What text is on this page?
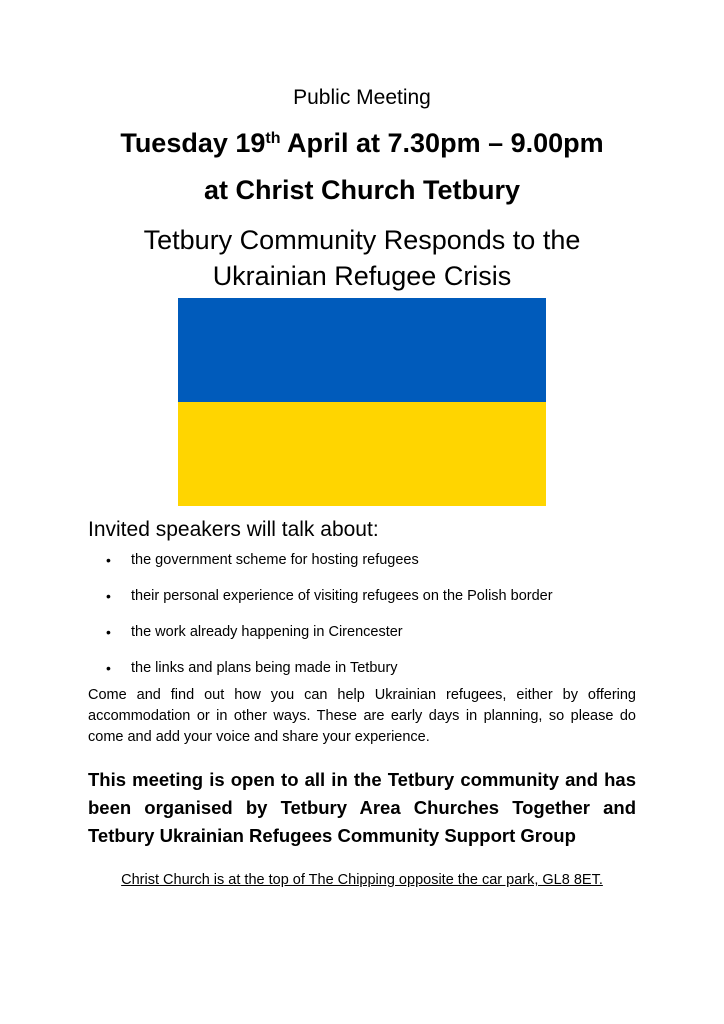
Public Meeting
Tuesday 19th April at 7.30pm – 9.00pm
at Christ Church Tetbury
Tetbury Community Responds to the
Ukrainian Refugee Crisis
Invited speakers will talk about:
• the government scheme for hosting refugees
• their personal experience of visiting refugees on the Polish border
• the work already happening in Cirencester
• the links and plans being made in Tetbury
Come and find out how you can help Ukrainian refugees, either by offering accommodation or in other ways. These are early days in planning, so please do come and add your voice and share your experience.
This meeting is open to all in the Tetbury community and has been organised by Tetbury Area Churches Together and Tetbury Ukrainian Refugees Community Support Group
Christ Church is at the top of The Chipping opposite the car park, GL8 8ET.
